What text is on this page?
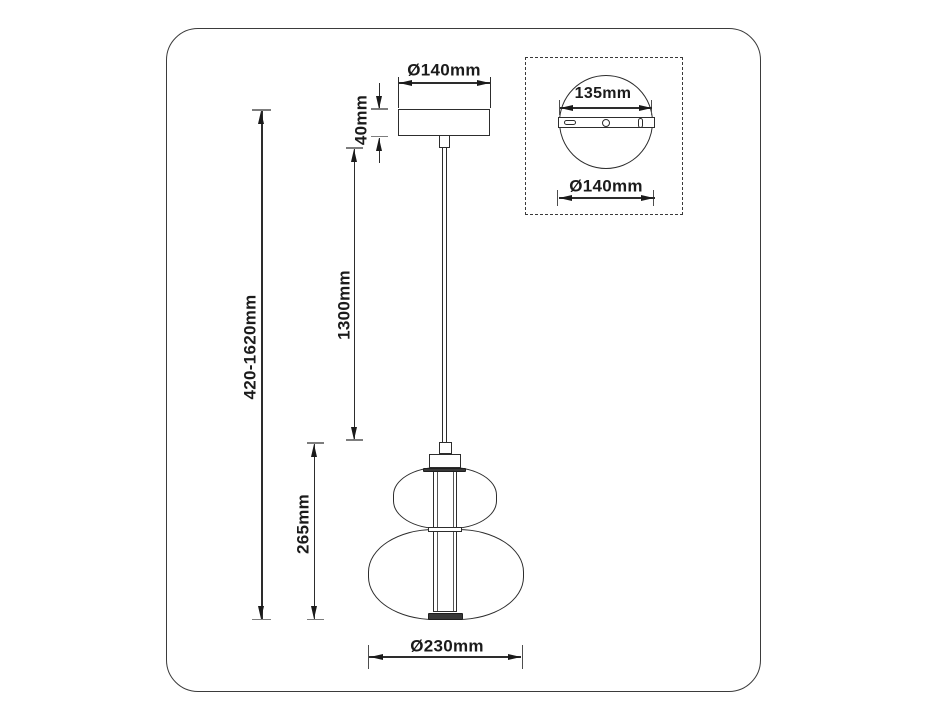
420-1620mm	1300mm
265mm
Ø140mm
40mm
Ø230mm
135mm
Ø140mm
